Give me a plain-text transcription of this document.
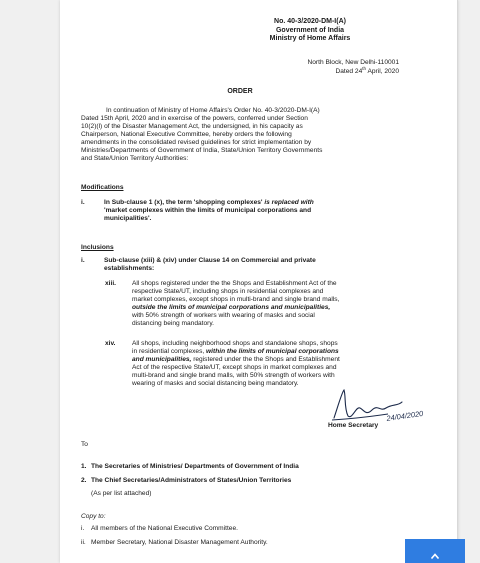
No. 40-3/2020-DM-I(A)
Government of India
Ministry of Home Affairs
North Block, New Delhi-110001
Dated 24th April, 2020
ORDER
In continuation of Ministry of Home Affairs's Order No. 40-3/2020-DM-I(A)
Dated 15th April, 2020 and in exercise of the powers, conferred under Section
10(2)(l) of the Disaster Management Act, the undersigned, in his capacity as
Chairperson, National Executive Committee, hereby orders the following
amendments in the consolidated revised guidelines for strict implementation by
Ministries/Departments of Government of India, State/Union Territory Governments
and State/Union Territory Authorities:
Modifications
i.	In Sub-clause 1 (x), the term 'shopping complexes' is replaced with
'market complexes within the limits of municipal corporations and
municipalities'.
Inclusions
i.	Sub-clause (xiii) & (xiv) under Clause 14 on Commercial and private
establishments:
xiii. All shops registered under the the Shops and Establishment Act of the
respective State/UT, including shops in residential complexes and
market complexes, except shops in multi-brand and single brand malls,
outside the limits of municipal corporations and municipalities,
with 50% strength of workers with wearing of masks and social
distancing being mandatory.
xiv. All shops, including neighborhood shops and standalone shops, shops
in residential complexes, within the limits of municipal corporations
and municipalities, registered under the the Shops and Establishment
Act of the respective State/UT, except shops in market complexes and
multi-brand and single brand malls, with 50% strength of workers with
wearing of masks and social distancing being mandatory.
Home Secretary
24/04/2020
To
1. The Secretaries of Ministries/ Departments of Government of India
2. The Chief Secretaries/Administrators of States/Union Territories
(As per list attached)
Copy to:
i. All members of the National Executive Committee.
ii. Member Secretary, National Disaster Management Authority.
